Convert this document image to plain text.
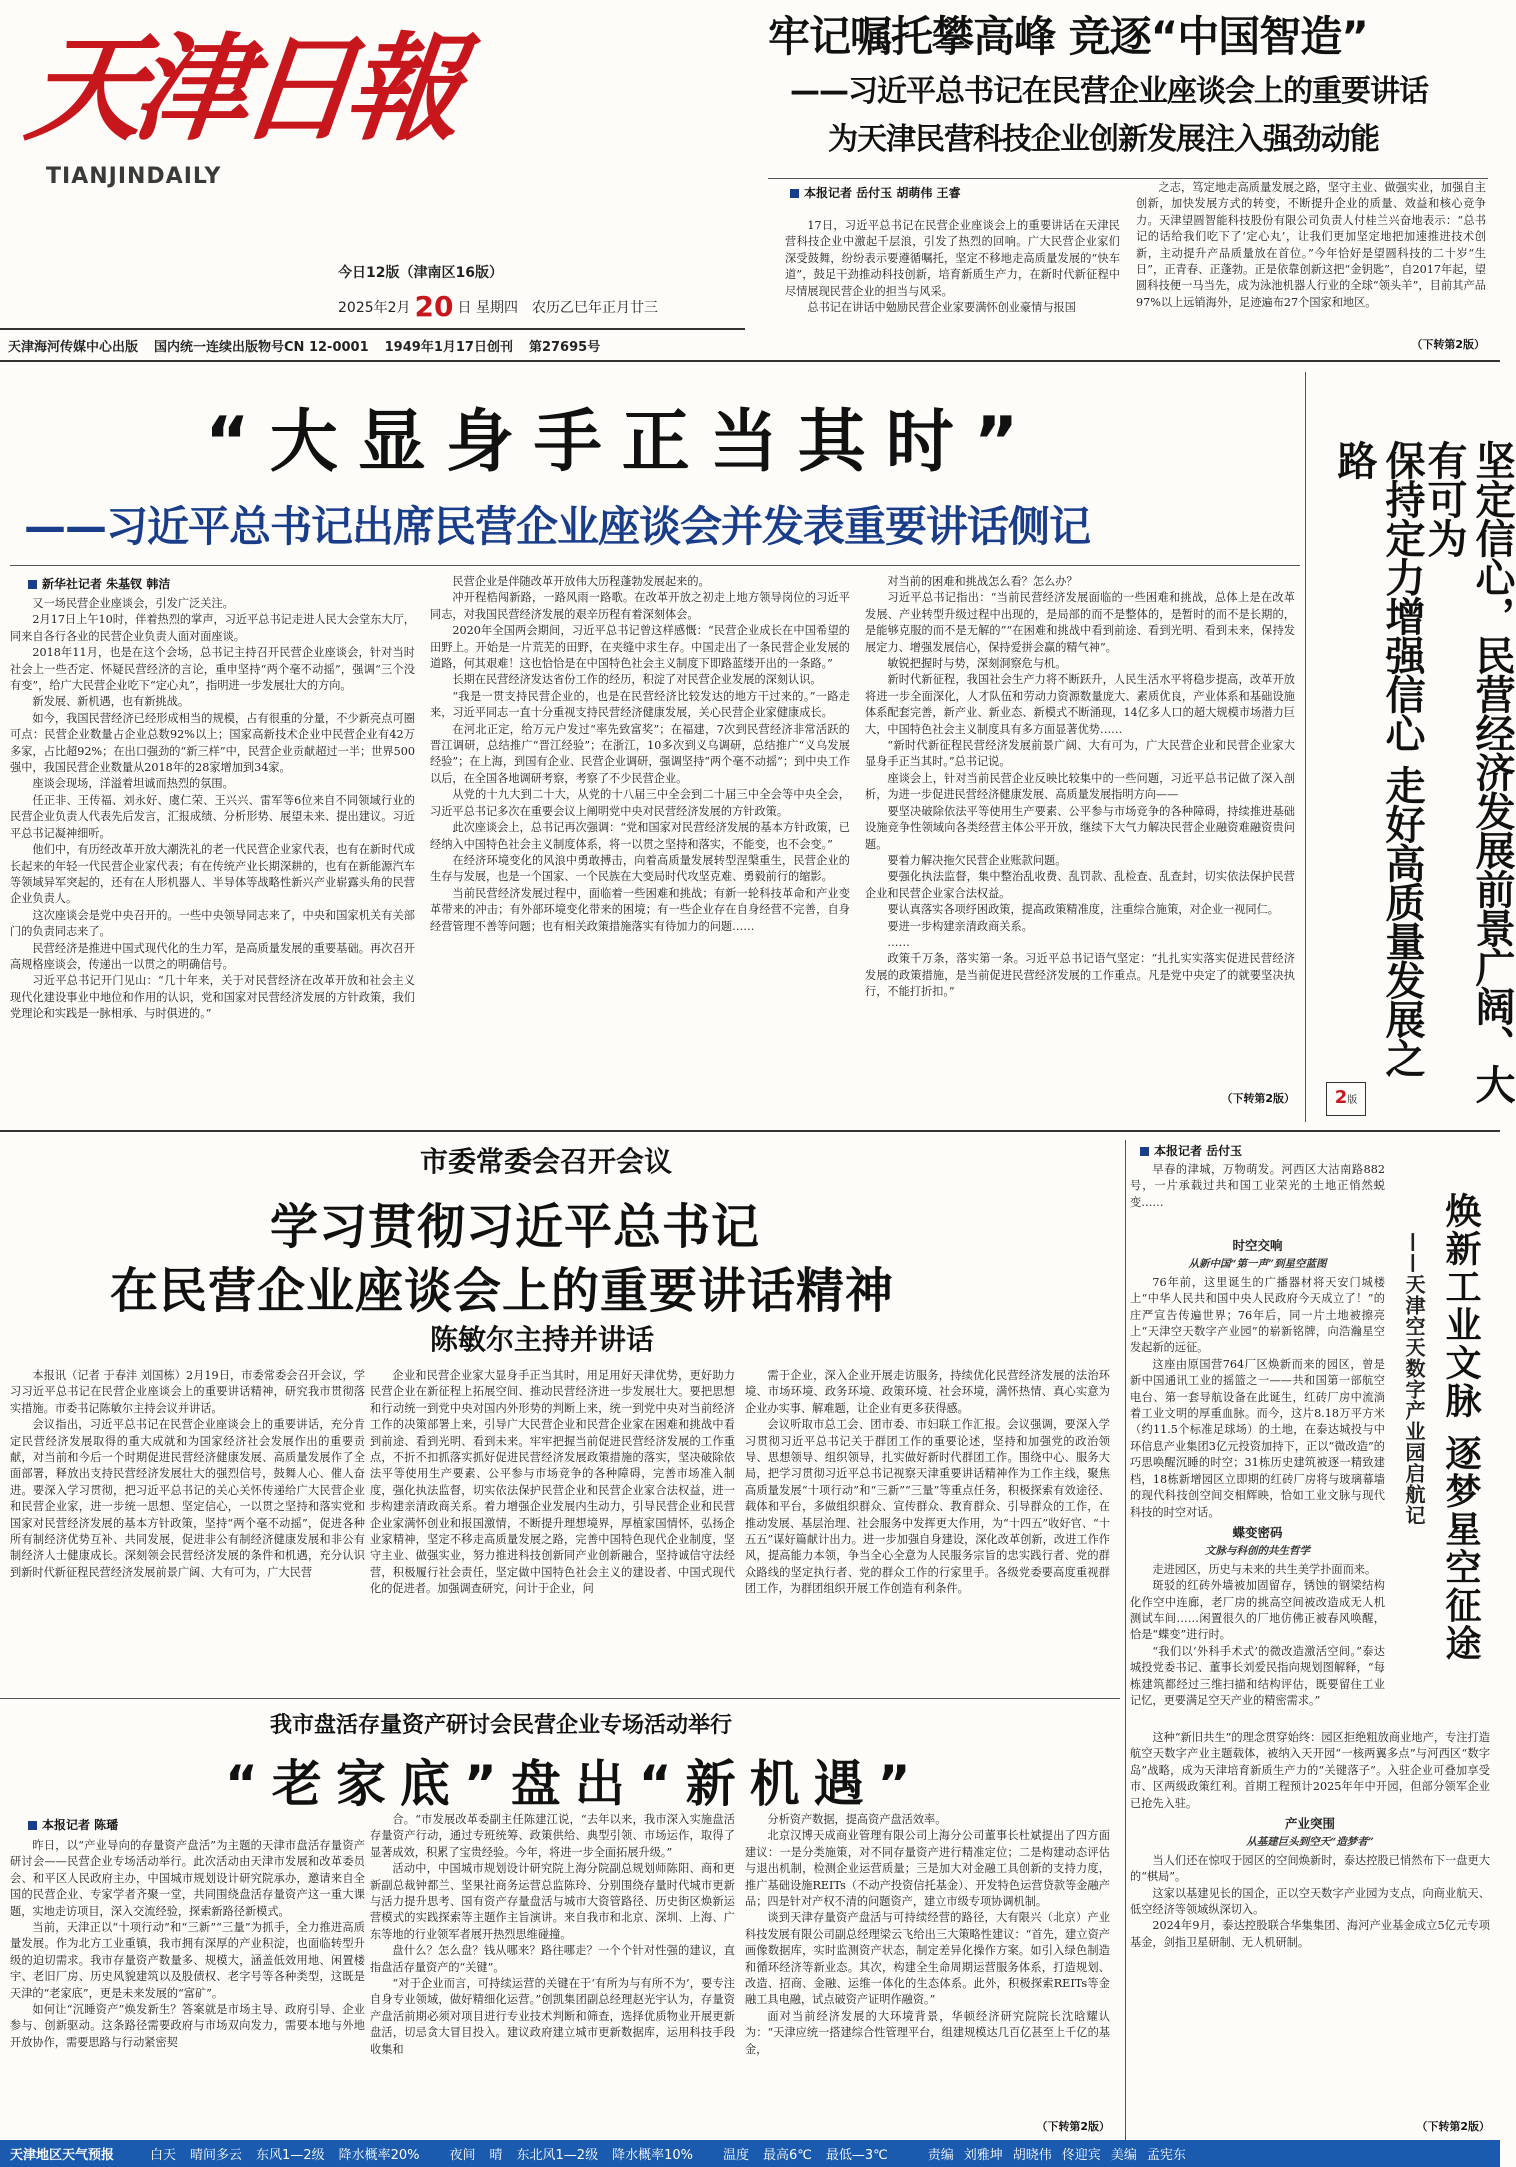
天津日報
TIANJINDAILY
今日12版（津南区16版）
2025年2月 20 日 星期四　农历乙巳年正月廿三
天津海河传媒中心出版 国内统一连续出版物号CN 12-0001 1949年1月17日创刊 第27695号
牢记嘱托攀高峰 竞逐“中国智造”
——习近平总书记在民营企业座谈会上的重要讲话
为天津民营科技企业创新发展注入强劲动能
本报记者 岳付玉 胡萌伟 王睿

17日，习近平总书记在民营企业座谈会上的重要讲话在天津民营科技企业中激起千层浪，引发了热烈的回响。广大民营企业家们深受鼓舞，纷纷表示要遵循嘱托，坚定不移地走高质量发展的“快车道”，鼓足干劲推动科技创新，培育新质生产力，在新时代新征程中尽情展现民营企业的担当与风采。

总书记在讲话中勉励民营企业家要满怀创业豪情与报国

之志，笃定地走高质量发展之路，坚守主业、做强实业，加强自主创新，加快发展方式的转变，不断提升企业的质量、效益和核心竞争力。天津望圆智能科技股份有限公司负责人付桂兰兴奋地表示：“总书记的话给我们吃下了‘定心丸’，让我们更加坚定地把加速推进技术创新，主动提升产品质量放在首位。”今年恰好是望圆科技的二十岁“生日”，正青春、正蓬勃。正是依靠创新这把“金钥匙”，自2017年起，望圆科技便一马当先，成为泳池机器人行业的全球“领头羊”，目前其产品97%以上远销海外，足迹遍布27个国家和地区。

（下转第2版）
“大显身手正当其时”
——习近平总书记出席民营企业座谈会并发表重要讲话侧记
新华社记者 朱基钗 韩洁

又一场民营企业座谈会，引发广泛关注。

2月17日上午10时，伴着热烈的掌声，习近平总书记走进人民大会堂东大厅，同来自各行各业的民营企业负责人面对面座谈。

2018年11月，也是在这个会场，总书记主持召开民营企业座谈会，针对当时社会上一些否定、怀疑民营经济的言论，重申坚持“两个毫不动摇”，强调“三个没有变”，给广大民营企业吃下“定心丸”，指明进一步发展壮大的方向。

新发展、新机遇，也有新挑战。

如今，我国民营经济已经形成相当的规模，占有很重的分量，不少新亮点可圈可点：民营企业数量占企业总数92%以上；国家高新技术企业中民营企业有42万多家，占比超92%；在出口强劲的“新三样”中，民营企业贡献超过一半；世界500强中，我国民营企业数量从2018年的28家增加到34家。

座谈会现场，洋溢着坦诚而热烈的氛围。

任正非、王传福、刘永好、虞仁荣、王兴兴、雷军等6位来自不同领域行业的民营企业负责人代表先后发言，汇报成绩、分析形势、展望未来、提出建议。习近平总书记凝神细听。

他们中，有历经改革开放大潮洗礼的老一代民营企业家代表，也有在新时代成长起来的年轻一代民营企业家代表；有在传统产业长期深耕的，也有在新能源汽车等领域异军突起的，还有在人形机器人、半导体等战略性新兴产业崭露头角的民营企业负责人。

这次座谈会是党中央召开的。一些中央领导同志来了，中央和国家机关有关部门的负责同志来了。

民营经济是推进中国式现代化的生力军，是高质量发展的重要基础。再次召开高规格座谈会，传递出一以贯之的明确信号。

习近平总书记开门见山：“几十年来，关于对民营经济在改革开放和社会主义现代化建设事业中地位和作用的认识，党和国家对民营经济发展的方针政策，我们党理论和实践是一脉相承、与时俱进的。”

民营企业是伴随改革开放伟大历程蓬勃发展起来的。

冲开程梏闯新路，一路风雨一路歌。在改革开放之初走上地方领导岗位的习近平同志，对我国民营经济发展的艰辛历程有着深刻体会。

2020年全国两会期间，习近平总书记曾这样感慨：“民营企业成长在中国希望的田野上。开始是一片荒芜的田野，在夹缝中求生存。中国走出了一条民营企业发展的道路，何其艰难！这也恰恰是在中国特色社会主义制度下即路蓝缕开出的一条路。”

长期在民营经济发达省份工作的经历，积淀了对民营企业发展的深刻认识。

“我是一贯支持民营企业的，也是在民营经济比较发达的地方干过来的。”一路走来，习近平同志一直十分重视支持民营经济健康发展，关心民营企业家健康成长。

在河北正定，给万元户发过“率先致富奖”；在福建，7次到民营经济非常活跃的晋江调研，总结推广“晋江经验”；在浙江，10多次到义乌调研，总结推广“义乌发展经验”；在上海，到国有企业、民营企业调研，强调坚持“两个毫不动摇”；到中央工作以后，在全国各地调研考察，考察了不少民营企业。

从党的十九大到二十大，从党的十八届三中全会到二十届三中全会等中央全会，习近平总书记多次在重要会议上阐明党中央对民营经济发展的方针政策。

此次座谈会上，总书记再次强调：“党和国家对民营经济发展的基本方针政策，已经纳入中国特色社会主义制度体系，将一以贯之坚持和落实，不能变，也不会变。”

在经济环境变化的风浪中勇敢搏击，向着高质量发展转型涅槃重生，民营企业的生存与发展，也是一个国家、一个民族在大变局时代攻坚克难、勇毅前行的缩影。

当前民营经济发展过程中，面临着一些困难和挑战；有新一轮科技革命和产业变革带来的冲击；有外部环境变化带来的困境；有一些企业存在自身经营不完善，自身经营管理不善等问题；也有相关政策措施落实有待加力的问题……

对当前的困难和挑战怎么看？怎么办？

习近平总书记指出：“当前民营经济发展面临的一些困难和挑战，总体上是在改革发展、产业转型升级过程中出现的，是局部的而不是整体的，是暂时的而不是长期的，是能够克服的而不是无解的”“在困难和挑战中看到前途、看到光明、看到未来，保持发展定力、增强发展信心，保持爱拼会赢的精气神”。

敏锐把握时与势，深刻洞察危与机。

新时代新征程，我国社会生产力将不断跃升，人民生活水平将稳步提高，改革开放将进一步全面深化，人才队伍和劳动力资源数量庞大、素质优良，产业体系和基础设施体系配套完善，新产业、新业态、新模式不断涌现，14亿多人口的超大规模市场潜力巨大，中国特色社会主义制度具有多方面显著优势……

“新时代新征程民营经济发展前景广阔、大有可为，广大民营企业和民营企业家大显身手正当其时。”总书记说。

座谈会上，针对当前民营企业反映比较集中的一些问题，习近平总书记做了深入剖析，为进一步促进民营经济健康发展、高质量发展指明方向——

要坚决破除依法平等使用生产要素、公平参与市场竞争的各种障碍，持续推进基础设施竞争性领域向各类经营主体公平开放，继续下大气力解决民营企业融资难融资贵问题。

要着力解决拖欠民营企业账款问题。

要强化执法监督，集中整治乱收费、乱罚款、乱检查、乱查封，切实依法保护民营企业和民营企业家合法权益。

要认真落实各项纾困政策，提高政策精准度，注重综合施策，对企业一视同仁。

要进一步构建亲清政商关系。

……

政策千万条，落实第一条。习近平总书记语气坚定：“扎扎实实落实促进民营经济发展的政策措施，是当前促进民营经济发展的工作重点。凡是党中央定了的就要坚决执行，不能打折扣。”

（下转第2版）	坚定信心，民营经济发展前景广阔、大有可为
保持定力增强信心 走好高质量发展之路
2版
市委常委会召开会议
学习贯彻习近平总书记
在民营企业座谈会上的重要讲话精神
陈敏尔主持并讲话

本报讯（记者 于春沣 刘国栋）2月19日，市委常委会召开会议，学习习近平总书记在民营企业座谈会上的重要讲话精神，研究我市贯彻落实措施。市委书记陈敏尔主持会议并讲话。

会议指出，习近平总书记在民营企业座谈会上的重要讲话，充分肯定民营经济发展取得的重大成就和为国家经济社会发展作出的重要贡献，对当前和今后一个时期促进民营经济健康发展、高质量发展作了全面部署，释放出支持民营经济发展壮大的强烈信号，鼓舞人心、催人奋进。要深入学习贯彻，把习近平总书记的关心关怀传递给广大民营企业和民营企业家，进一步统一思想、坚定信心，一以贯之坚持和落实党和国家对民营经济发展的基本方针政策，坚持“两个毫不动摇”，促进各种所有制经济优势互补、共同发展，促进非公有制经济健康发展和非公有制经济人士健康成长。深刻领会民营经济发展的条件和机遇，充分认识到新时代新征程民营经济发展前景广阔、大有可为，广大民营

企业和民营企业家大显身手正当其时，用足用好天津优势，更好助力民营企业在新征程上拓展空间、推动民营经济进一步发展壮大。要把思想和行动统一到党中央对国内外形势的判断上来，统一到党中央对当前经济工作的决策部署上来，引导广大民营企业和民营企业家在困难和挑战中看到前途、看到光明、看到未来。牢牢把握当前促进民营经济发展的工作重点，不折不扣抓落实抓好促进民营经济发展政策措施的落实，坚决破除依法平等使用生产要素、公平参与市场竞争的各种障碍，完善市场准入制度，强化执法监督，切实依法保护民营企业和民营企业家合法权益，进一步构建亲清政商关系。着力增强企业发展内生动力，引导民营企业和民营企业家满怀创业和报国激情，不断提升理想境界，厚植家国情怀，弘扬企业家精神，坚定不移走高质量发展之路，完善中国特色现代企业制度，坚守主业、做强实业，努力推进科技创新同产业创新融合，坚持诚信守法经营，积极履行社会责任，坚定做中国特色社会主义的建设者、中国式现代化的促进者。加强调查研究，问计于企业，问

需于企业，深入企业开展走访服务，持续优化民营经济发展的法治环境、市场环境、政务环境、政策环境、社会环境，满怀热情、真心实意为企业办实事、解难题，让企业有更多获得感。

会议听取市总工会、团市委、市妇联工作汇报。会议强调，要深入学习贯彻习近平总书记关于群团工作的重要论述，坚持和加强党的政治领导、思想领导、组织领导，扎实做好新时代群团工作。围绕中心、服务大局，把学习贯彻习近平总书记视察天津重要讲话精神作为工作主线，聚焦高质量发展“十项行动”和“三新”“三量”等重点任务，积极探索有效途径、载体和平台，多做组织群众、宣传群众、教育群众、引导群众的工作，在推动发展、基层治理、社会服务中发挥更大作用，为“十四五”收好官、“十五五”谋好篇献计出力。进一步加强自身建设，深化改革创新，改进工作作风，提高能力本领，争当全心全意为人民服务宗旨的忠实践行者、党的群众路线的坚定执行者、党的群众工作的行家里手。各级党委要高度重视群团工作，为群团组织开展工作创造有利条件。

我市盘活存量资产研讨会民营企业专场活动举行
“老家底”盘出“新机遇”
本报记者 陈璠

昨日，以“产业导向的存量资产盘活”为主题的天津市盘活存量资产研讨会——民营企业专场活动举行。此次活动由天津市发展和改革委员会、和平区人民政府主办，中国城市规划设计研究院承办，邀请来自全国的民营企业、专家学者齐聚一堂，共同围绕盘活存量资产这一重大课题，实地走访项目，深入交流经验，探索新路径新模式。

当前，天津正以“十项行动”和“三新”“三量”为抓手，全力推进高质量发展。作为北方工业重镇，我市拥有深厚的产业积淀，也面临转型升级的迫切需求。我市存量资产数量多、规模大，涵盖低效用地、闲置楼宇、老旧厂房、历史风貌建筑以及股债权、老字号等各种类型，这既是天津的“老家底”，更是未来发展的“富矿”。

如何让“沉睡资产”焕发新生？答案就是市场主导、政府引导、企业参与、创新驱动。这条路径需要政府与市场双向发力，需要本地与外地开放协作，需要思路与行动紧密契

合。“市发展改革委副主任陈建江说，“去年以来，我市深入实施盘活存量资产行动，通过专班统筹、政策供给、典型引领、市场运作，取得了显著成效，积累了宝贵经验。今年，将进一步全面拓展升级。”

活动中，中国城市规划设计研究院上海分院副总规划师陈阳、商和更新副总裁钟都兰、坚果社商务运营总监陈玲、分别围绕存量时代城市更新与活力提升思考、国有资产存量盘活与城市大资管路径、历史街区焕新运营模式的实践探索等主题作主旨演讲。来自我市和北京、深圳、上海、广东等地的行业领军者展开热烈思维碰撞。

盘什么？怎么盘？钱从哪来？路往哪走？一个个针对性强的建议，直指盘活存量资产的“关键”。

“对于企业而言，可持续运营的关键在于‘有所为与有所不为’，要专注自身专业领域，做好精细化运营。”创凯集团副总经理赵光宇认为，存量资产盘活前期必须对项目进行专业技术判断和筛查，选择优质物业开展更新盘活，切忌贪大冒目投入。建议政府建立城市更新数据库，运用科技手段收集和

分析资产数据，提高资产盘活效率。

北京汉博天成商业管理有限公司上海分公司董事长杜斌提出了四方面建议：一是分类施策，对不同存量资产进行精准定位；二是构建动态评估与退出机制，检测企业运营质量；三是加大对金融工具创新的支持力度，推广基础设施REITs（不动产投资信托基金）、开发特色运营贷款等金融产品；四是针对产权不清的问题资产，建立市级专项协调机制。

谈到天津存量资产盘活与可持续经营的路径，大有限兴（北京）产业科技发展有限公司副总经理梁云飞给出三大策略性建议：“首先，建立资产画像数据库，实时监测资产状态，制定差异化操作方案。如引入绿色制造和循环经济等新业态。其次，构建全生命周期运营服务体系，打造规划、改造、招商、金融、运维一体化的生态体系。此外，积极探索REITs等金融工具电融，试点破资产证明作融资。”

面对当前经济发展的大环境背景，华顿经济研究院院长沈晗耀认为：“天津应统一搭建综合性管理平台，组建规模达几百亿甚至上千亿的基金，

（下转第2版）
本报记者 岳付玉
焕新工业文脉 逐梦星空征途
——天津空天数字产业园启航记

早春的津城，万物萌发。河西区大沽南路882号，一片承载过共和国工业荣光的土地正悄然蜕变……

时空交响
从新中国“第一声”到星空蓝图

76年前，这里诞生的广播器材将天安门城楼上“中华人民共和国中央人民政府今天成立了！”的庄严宣告传遍世界；76年后，同一片土地被擦亮上“天津空天数字产业园”的崭新铭牌，向浩瀚星空发起新的远征。

这座由原国营764厂区焕新而来的园区，曾是新中国通讯工业的摇篮之一——共和国第一部航空电台、第一套导航设备在此诞生，红砖厂房中流淌着工业文明的厚重血脉。而今，这片8.18万平方米（约11.5个标准足球场）的土地，在泰达城投与中环信息产业集团3亿元投资加持下，正以“微改造”的巧思唤醒沉睡的时空；31栋历史建筑被逐一精致建档，18栋新增园区立即期的红砖厂房将与玻璃幕墙的现代科技创空间交相辉映，恰如工业文脉与现代科技的时空对话。

蝶变密码
文脉与科创的共生哲学

走进园区，历史与未来的共生美学扑面而来。

斑驳的红砖外墙被加固留存，锈蚀的钢梁结构化作空中连廊，老厂房的挑高空间被改造成无人机测试车间……闲置很久的厂地仿佛正被春风唤醒，恰是“蝶变”进行时。

“我们以‘外科手术式’的微改造激活空间。”泰达城投党委书记、董事长刘爱民指向规划图解释，“每栋建筑都经过三维扫描和结构评估，既要留住工业记忆，更要满足空天产业的精密需求。”

这种“新旧共生”的理念贯穿始终：园区拒绝粗放商业地产，专注打造航空天数字产业主题载体，被纳入天开园“一核两翼多点”与河西区“数字岛”战略，成为天津培育新质生产力的“关键落子”。入驻企业可叠加享受市、区两级政策红利。首期工程预计2025年年中开园，但部分领军企业已抢先入驻。

产业突围
从基建巨头到空天“造梦者”

当人们还在惊叹于园区的空间焕新时，泰达控股已悄然布下一盘更大的“棋局”。

这家以基建见长的国企，正以空天数字产业园为支点，向商业航天、低空经济等领域纵深切入。

2024年9月，泰达控股联合华集集团、海河产业基金成立5亿元专项基金，剑指卫星研制、无人机研制。

（下转第2版）
天津地区天气预报	白天 晴间多云 东风1—2级 降水概率20% 夜间 晴 东北风1—2级 降水概率10% 温度 最高6℃ 最低—3℃	责编 刘雅坤 胡晓伟 佟迎宾 美编 孟宪东
